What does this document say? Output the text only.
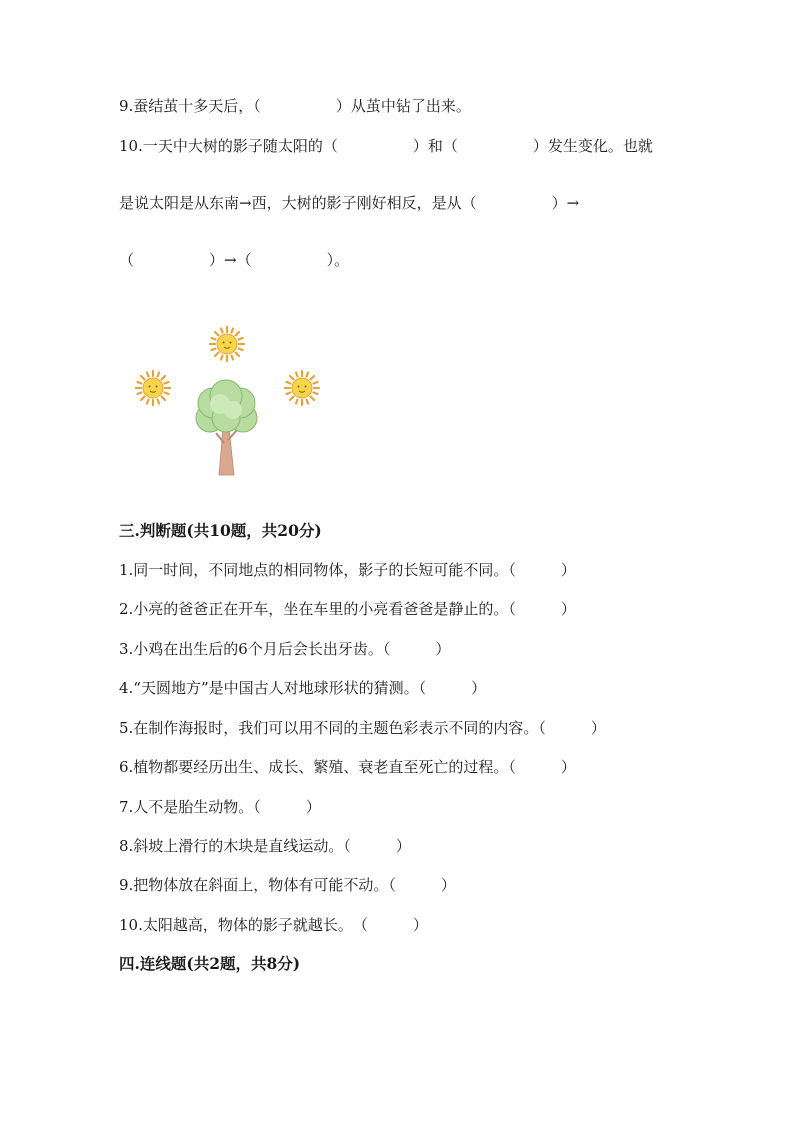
9.蚕结茧十多天后，（　　　　　）从茧中钻了出来。
10.一天中大树的影子随太阳的（　　　　　）和（　　　　　）发生变化。也就
是说太阳是从东南→西，大树的影子刚好相反，是从（　　　　　）→
（　　　　　）→（　　　　　）。
三.判断题(共10题，共20分)
1.同一时间，不同地点的相同物体，影子的长短可能不同。（　　　）
2.小亮的爸爸正在开车，坐在车里的小亮看爸爸是静止的。（　　　）
3.小鸡在出生后的6个月后会长出牙齿。（　　　）
4.“天圆地方”是中国古人对地球形状的猜测。（　　　）
5.在制作海报时，我们可以用不同的主题色彩表示不同的内容。（　　　）
6.植物都要经历出生、成长、繁殖、衰老直至死亡的过程。（　　　）
7.人不是胎生动物。（　　　）
8.斜坡上滑行的木块是直线运动。（　　　）
9.把物体放在斜面上，物体有可能不动。（　　　）
10.太阳越高，物体的影子就越长。　（　　　）
四.连线题(共2题，共8分)
